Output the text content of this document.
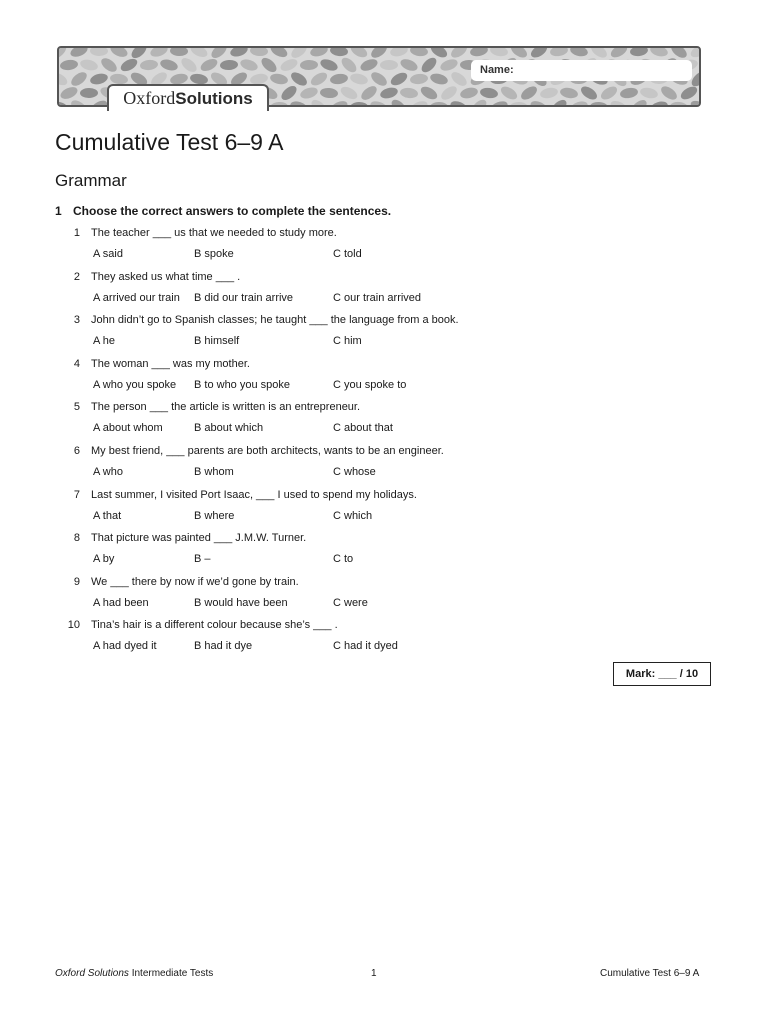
Oxford Solutions
Name:
Cumulative Test 6–9 A
Grammar
1 Choose the correct answers to complete the sentences.
1 The teacher ___ us that we needed to study more.
A said	B spoke	C told
2 They asked us what time ___ .
A arrived our train B did our train arrive	C our train arrived
3 John didn’t go to Spanish classes; he taught ___ the language from a book.
A he	B himself	C him
4 The woman ___ was my mother.
A who you spoke B to who you spoke	C you spoke to
5 The person ___ the article is written is an entrepreneur.
A about whom	B about which	C about that
6 My best friend, ___ parents are both architects, wants to be an engineer.
A who	B whom	C whose
7 Last summer, I visited Port Isaac, ___ I used to spend my holidays.
A that	B where	C which
8 That picture was painted ___ J.M.W. Turner.
A by	B –	C to
9 We ___ there by now if we’d gone by train.
A had been	B would have been	C were
10 Tina’s hair is a different colour because she’s ___ .
A had dyed it	B had it dye	C had it dyed
Mark: ___ / 10
Oxford Solutions Intermediate Tests	1	Cumulative Test 6–9 A
